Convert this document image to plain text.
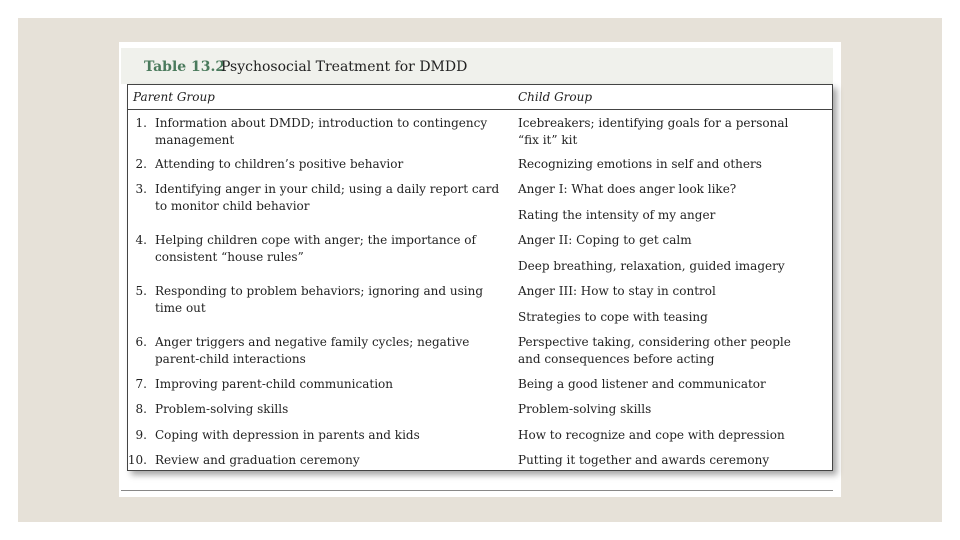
Table 13.2
Psychosocial Treatment for DMDD
Parent Group	Child Group
1. Information about DMDD; introduction to contingency management
2. Attending to children’s positive behavior
3. Identifying anger in your child; using a daily report card to monitor child behavior
4. Helping children cope with anger; the importance of consistent “house rules”
5. Responding to problem behaviors; ignoring and using time out
6. Anger triggers and negative family cycles; negative parent-child interactions
7. Improving parent-child communication
8. Problem-solving skills
9. Coping with depression in parents and kids
10. Review and graduation ceremony
Icebreakers; identifying goals for a personal “fix it” kit
Recognizing emotions in self and others
Anger I: What does anger look like?
Rating the intensity of my anger
Anger II: Coping to get calm
Deep breathing, relaxation, guided imagery
Anger III: How to stay in control
Strategies to cope with teasing
Perspective taking, considering other people and consequences before acting
Being a good listener and communicator
Problem-solving skills
How to recognize and cope with depression
Putting it together and awards ceremony
